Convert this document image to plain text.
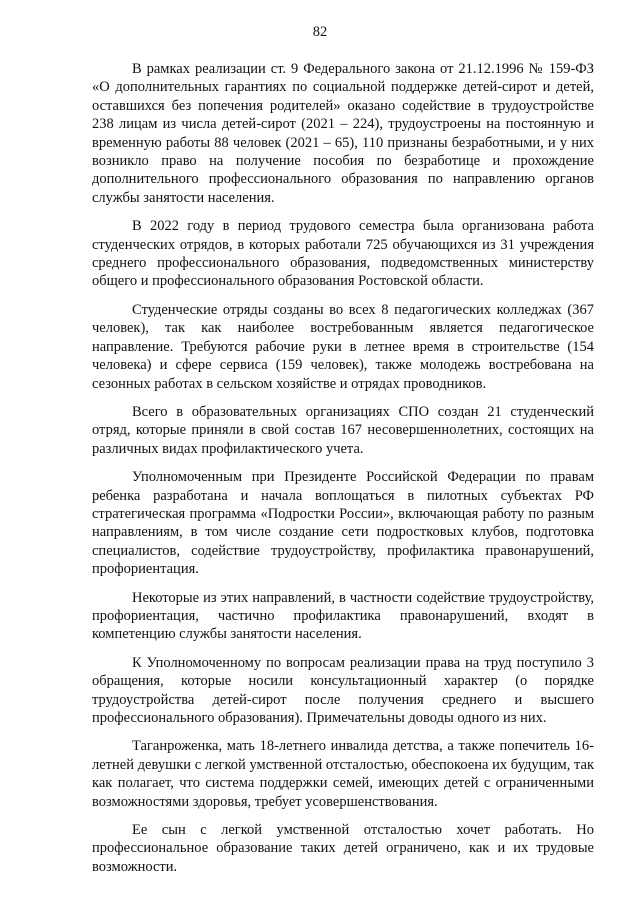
82

В рамках реализации ст. 9 Федерального закона от 21.12.1996 № 159-ФЗ «О дополнительных гарантиях по социальной поддержке детей-сирот и детей, оставшихся без попечения родителей» оказано содействие в трудоустройстве 238 лицам из числа детей-сирот (2021 – 224), трудоустроены на постоянную и временную работы 88 человек (2021 – 65), 110 признаны безработными, и у них возникло право на получение пособия по безработице и прохождение дополнительного профессионального образования по направлению органов службы занятости населения.

В 2022 году в период трудового семестра была организована работа студенческих отрядов, в которых работали 725 обучающихся из 31 учреждения среднего профессионального образования, подведомственных министерству общего и профессионального образования Ростовской области.

Студенческие отряды созданы во всех 8 педагогических колледжах (367 человек), так как наиболее востребованным является педагогическое направление. Требуются рабочие руки в летнее время в строительстве (154 человека) и сфере сервиса (159 человек), также молодежь востребована на сезонных работах в сельском хозяйстве и отрядах проводников.

Всего в образовательных организациях СПО создан 21 студенческий отряд, которые приняли в свой состав 167 несовершеннолетних, состоящих на различных видах профилактического учета.

Уполномоченным при Президенте Российской Федерации по правам ребенка разработана и начала воплощаться в пилотных субъектах РФ стратегическая программа «Подростки России», включающая работу по разным направлениям, в том числе создание сети подростковых клубов, подготовка специалистов, содействие трудоустройству, профилактика правонарушений, профориентация.

Некоторые из этих направлений, в частности содействие трудоустройству, профориентация, частично профилактика правонарушений, входят в компетенцию службы занятости населения.

К Уполномоченному по вопросам реализации права на труд поступило 3 обращения, которые носили консультационный характер (о порядке трудоустройства детей-сирот после получения среднего и высшего профессионального образования). Примечательны доводы одного из них.

Таганроженка, мать 18-летнего инвалида детства, а также попечитель 16-летней девушки с легкой умственной отсталостью, обеспокоена их будущим, так как полагает, что система поддержки семей, имеющих детей с ограниченными возможностями здоровья, требует усовершенствования.

Ее сын с легкой умственной отсталостью хочет работать. Но профессиональное образование таких детей ограничено, как и их трудовые возможности.
